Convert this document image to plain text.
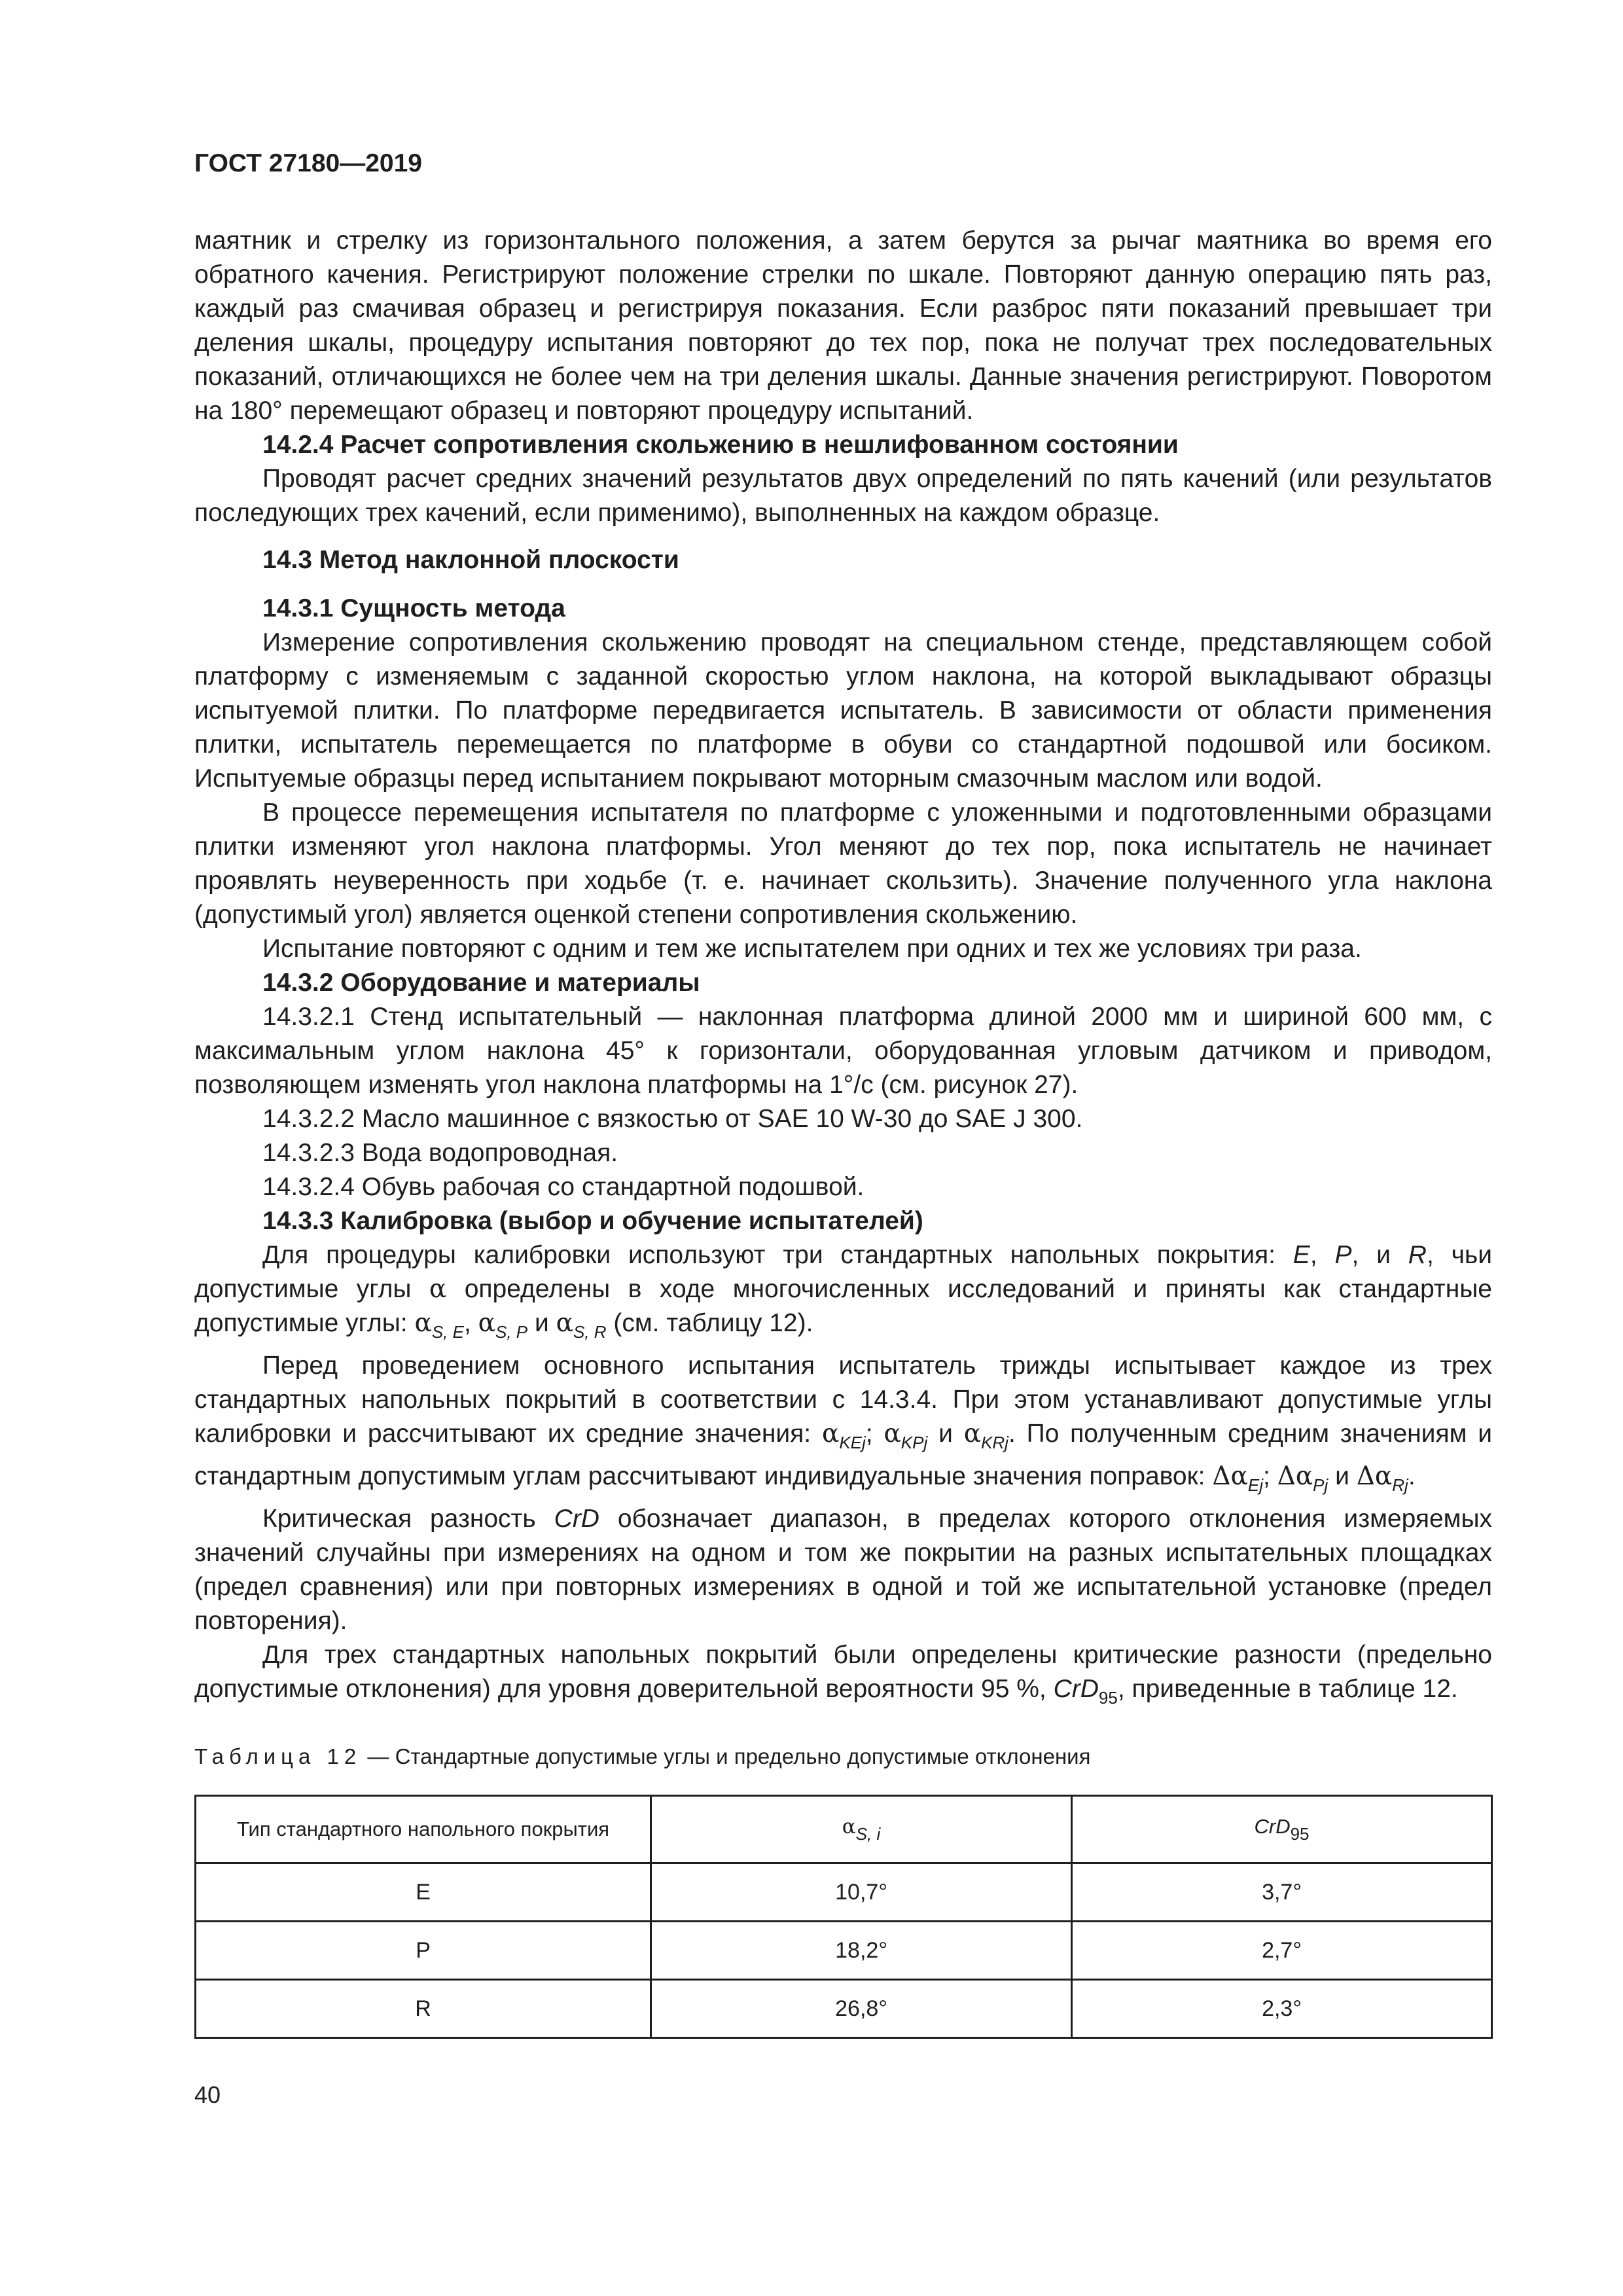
ГОСТ 27180—2019

маятник и стрелку из горизонтального положения, а затем берутся за рычаг маятника во время его обратного качения. Регистрируют положение стрелки по шкале. Повторяют данную операцию пять раз, каждый раз смачивая образец и регистрируя показания. Если разброс пяти показаний превышает три деления шкалы, процедуру испытания повторяют до тех пор, пока не получат трех последовательных показаний, отличающихся не более чем на три деления шкалы. Данные значения регистрируют. Поворотом на 180° перемещают образец и повторяют процедуру испытаний.

14.2.4 Расчет сопротивления скольжению в нешлифованном состоянии

Проводят расчет средних значений результатов двух определений по пять качений (или результатов последующих трех качений, если применимо), выполненных на каждом образце.

14.3 Метод наклонной плоскости

14.3.1 Сущность метода

Измерение сопротивления скольжению проводят на специальном стенде, представляющем собой платформу с изменяемым с заданной скоростью углом наклона, на которой выкладывают образцы испытуемой плитки. По платформе передвигается испытатель. В зависимости от области применения плитки, испытатель перемещается по платформе в обуви со стандартной подошвой или босиком. Испытуемые образцы перед испытанием покрывают моторным смазочным маслом или водой.

В процессе перемещения испытателя по платформе с уложенными и подготовленными образцами плитки изменяют угол наклона платформы. Угол меняют до тех пор, пока испытатель не начинает проявлять неуверенность при ходьбе (т. е. начинает скользить). Значение полученного угла наклона (допустимый угол) является оценкой степени сопротивления скольжению.

Испытание повторяют с одним и тем же испытателем при одних и тех же условиях три раза.

14.3.2 Оборудование и материалы

14.3.2.1 Стенд испытательный — наклонная платформа длиной 2000 мм и шириной 600 мм, с максимальным углом наклона 45° к горизонтали, оборудованная угловым датчиком и приводом, позволяющем изменять угол наклона платформы на 1°/с (см. рисунок 27).

14.3.2.2 Масло машинное с вязкостью от SAE 10 W-30 до SAE J 300.

14.3.2.3 Вода водопроводная.

14.3.2.4 Обувь рабочая со стандартной подошвой.

14.3.3 Калибровка (выбор и обучение испытателей)

Для процедуры калибровки используют три стандартных напольных покрытия: E, P, и R, чьи допустимые углы α определены в ходе многочисленных исследований и приняты как стандартные допустимые углы: $\alpha_{S, E}$, $\alpha_{S, P}$ и $\alpha_{S, R}$ (см. таблицу 12).

Перед проведением основного испытания испытатель трижды испытывает каждое из трех стандартных напольных покрытий в соответствии с 14.3.4. При этом устанавливают допустимые углы калибровки и рассчитывают их средние значения: $\alpha_{KEj}$; $\alpha_{KPj}$ и $\alpha_{KRj}$. По полученным средним значениям и стандартным допустимым углам рассчитывают индивидуальные значения поправок: $\Delta\alpha_{Ej}$; $\Delta\alpha_{Pj}$ и $\Delta\alpha_{Rj}$.

Критическая разность CrD обозначает диапазон, в пределах которого отклонения измеряемых значений случайны при измерениях на одном и том же покрытии на разных испытательных площадках (предел сравнения) или при повторных измерениях в одной и той же испытательной установке (предел повторения).

Для трех стандартных напольных покрытий были определены критические разности (предельно допустимые отклонения) для уровня доверительной вероятности 95 %, CrD$_{95}$, приведенные в таблице 12.

Таблица 12 — Стандартные допустимые углы и предельно допустимые отклонения

Тип стандартного напольного покрытия	$\alpha_{S, i}$	CrD$_{95}$
E	10,7°	3,7°
P	18,2°	2,7°
R	26,8°	2,3°

40
